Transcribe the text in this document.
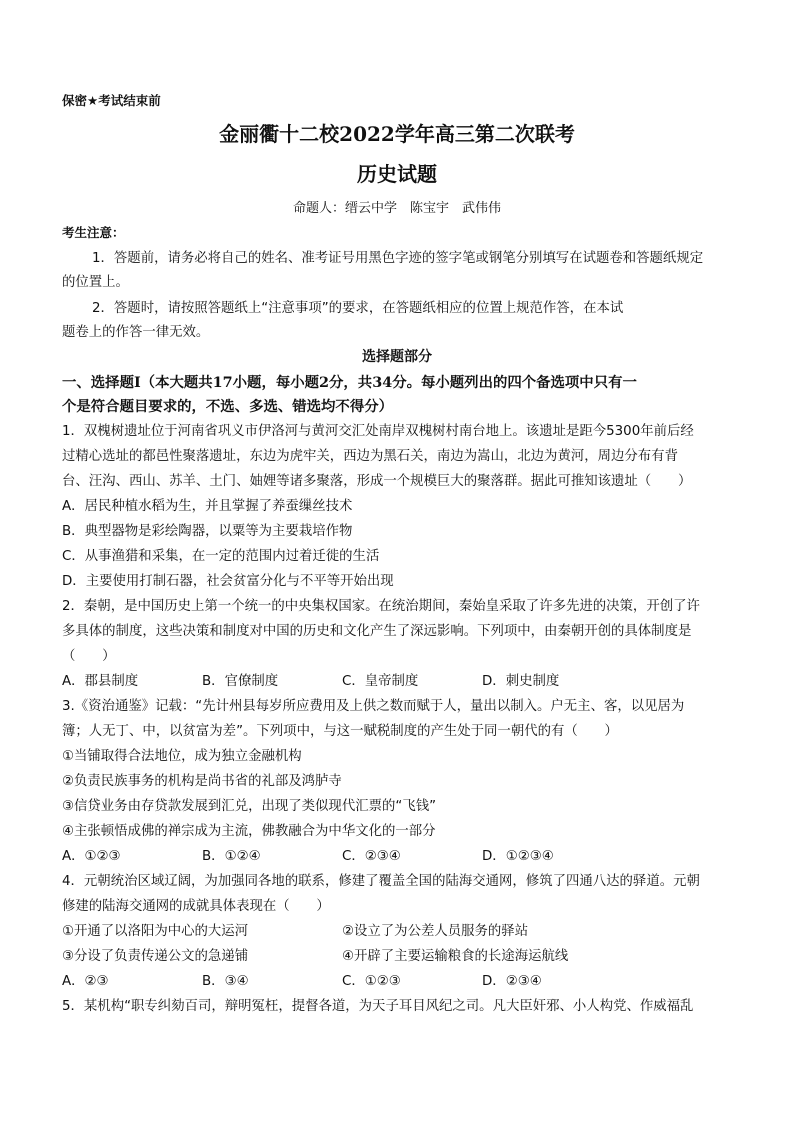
保密★考试结束前
金丽衢十二校2022学年高三第二次联考
历史试题
命题人：缙云中学　陈宝宇　武伟伟
考生注意：
1．答题前，请务必将自己的姓名、准考证号用黑色字迹的签字笔或钢笔分别填写在试题卷和答题纸规定
的位置上。
2．答题时，请按照答题纸上“注意事项”的要求，在答题纸相应的位置上规范作答，在本试
题卷上的作答一律无效。
选择题部分
一、选择题Ⅰ（本大题共17小题，每小题2分，共34分。每小题列出的四个备选项中只有一
个是符合题目要求的，不选、多选、错选均不得分）
1．双槐树遗址位于河南省巩义市伊洛河与黄河交汇处南岸双槐树村南台地上。该遗址是距今5300年前后经
过精心选址的都邑性聚落遗址，东边为虎牢关，西边为黑石关，南边为嵩山，北边为黄河，周边分布有背
台、汪沟、西山、苏羊、土门、妯娌等诸多聚落，形成一个规模巨大的聚落群。据此可推知该遗址（　　）
A．居民种植水稻为生，并且掌握了养蚕缫丝技术
B．典型器物是彩绘陶器，以粟等为主要栽培作物
C．从事渔猎和采集，在一定的范围内过着迁徙的生活
D．主要使用打制石器，社会贫富分化与不平等开始出现
2．秦朝，是中国历史上第一个统一的中央集权国家。在统治期间，秦始皇采取了许多先进的决策，开创了许
多具体的制度，这些决策和制度对中国的历史和文化产生了深远影响。下列项中，由秦朝开创的具体制度是
（　　）
A．郡县制度	B．官僚制度	C．皇帝制度	D．刺史制度
3.《资治通鉴》记载：“先计州县每岁所应费用及上供之数而赋于人，量出以制入。户无主、客，以见居为
簿；人无丁、中，以贫富为差”。下列项中，与这一赋税制度的产生处于同一朝代的有（　　）
①当铺取得合法地位，成为独立金融机构
②负责民族事务的机构是尚书省的礼部及鸿胪寺
③信贷业务由存贷款发展到汇兑，出现了类似现代汇票的“飞钱”
④主张顿悟成佛的禅宗成为主流，佛教融合为中华文化的一部分
A．①②③	B．①②④	C．②③④	D．①②③④
4．元朝统治区域辽阔，为加强同各地的联系，修建了覆盖全国的陆海交通网，修筑了四通八达的驿道。元朝
修建的陆海交通网的成就具体表现在（　　）
①开通了以洛阳为中心的大运河	②设立了为公差人员服务的驿站
③分设了负责传递公文的急递铺	④开辟了主要运输粮食的长途海运航线
A．②③	B．③④	C．①②③	D．②③④
5．某机构“职专纠劾百司，辩明冤枉，提督各道，为天子耳目风纪之司。凡大臣奸邪、小人构党、作威福乱
